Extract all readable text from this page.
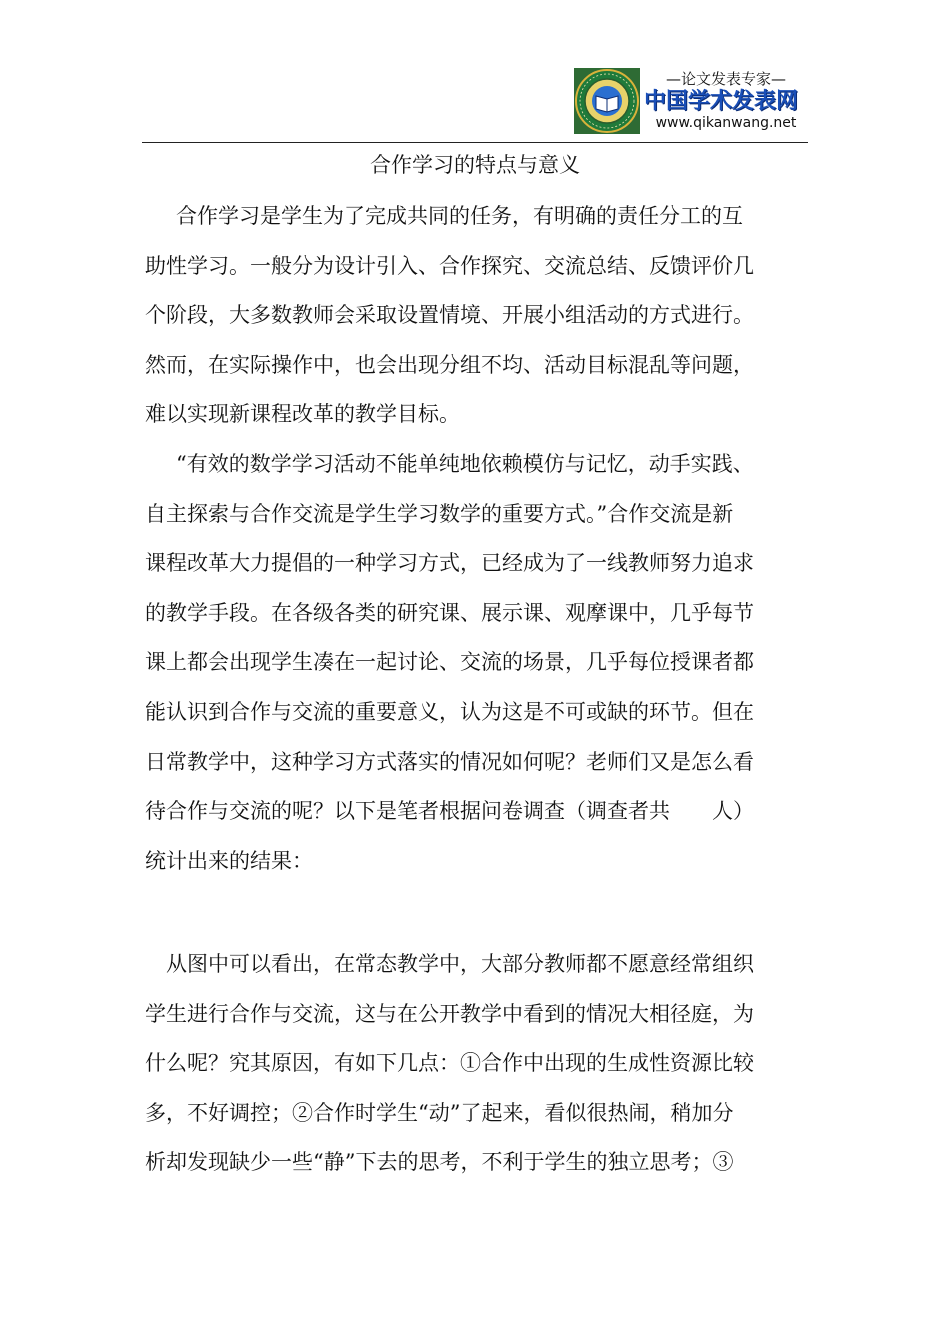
—论文发表专家—
中国学术发表网
www.qikanwang.net
合作学习的特点与意义
合作学习是学生为了完成共同的任务，有明确的责任分工的互
助性学习。一般分为设计引入、合作探究、交流总结、反馈评价几
个阶段，大多数教师会采取设置情境、开展小组活动的方式进行。
然而，在实际操作中，也会出现分组不均、活动目标混乱等问题，
难以实现新课程改革的教学目标。
“有效的数学学习活动不能单纯地依赖模仿与记忆，动手实践、
自主探索与合作交流是学生学习数学的重要方式。”合作交流是新
课程改革大力提倡的一种学习方式，已经成为了一线教师努力追求
的教学手段。在各级各类的研究课、展示课、观摩课中，几乎每节
课上都会出现学生凑在一起讨论、交流的场景，几乎每位授课者都
能认识到合作与交流的重要意义，认为这是不可或缺的环节。但在
日常教学中，这种学习方式落实的情况如何呢？老师们又是怎么看
待合作与交流的呢？以下是笔者根据问卷调查（调查者共　　人）
统计出来的结果：
从图中可以看出，在常态教学中，大部分教师都不愿意经常组织
学生进行合作与交流，这与在公开教学中看到的情况大相径庭，为
什么呢？究其原因，有如下几点：①合作中出现的生成性资源比较
多，不好调控；②合作时学生“动”了起来，看似很热闹，稍加分
析却发现缺少一些“静”下去的思考，不利于学生的独立思考；③
